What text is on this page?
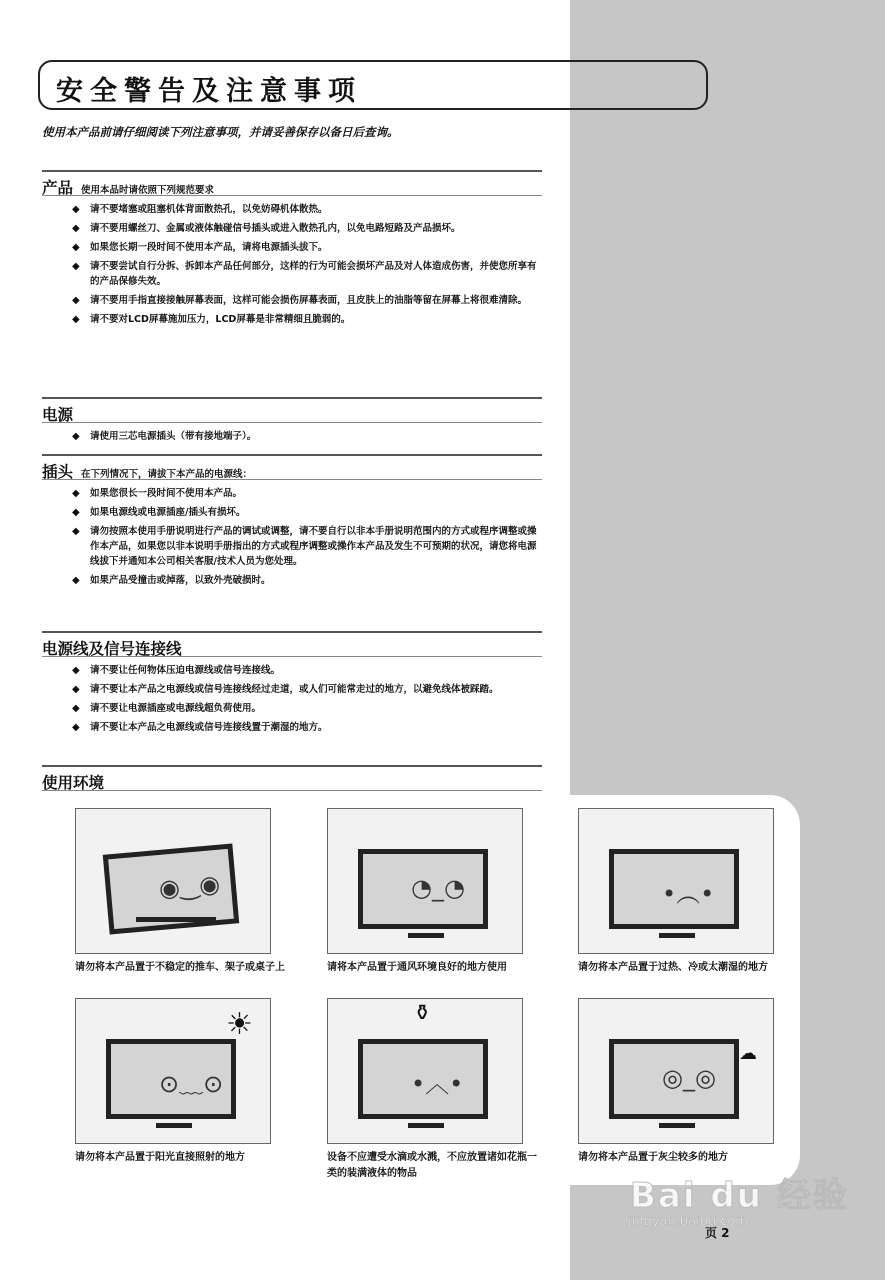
安全警告及注意事项
使用本产品前请仔细阅读下列注意事项，并请妥善保存以备日后查询。
产品 使用本品时请依照下列规范要求
◆ 请不要堵塞或阻塞机体背面散热孔，以免妨碍机体散热。
◆ 请不要用螺丝刀、金属或液体触碰信号插头或进入散热孔内，以免电路短路及产品损坏。
◆ 如果您长期一段时间不使用本产品，请将电源插头拔下。
◆ 请不要尝试自行分拆、拆卸本产品任何部分，这样的行为可能会损坏产品及对人体造成伤害，并使您所享有的产品保修失效。
◆ 请不要用手指直接接触屏幕表面，这样可能会损伤屏幕表面，且皮肤上的油脂等留在屏幕上将很难清除。
◆ 请不要对LCD屏幕施加压力，LCD屏幕是非常精细且脆弱的。
电源
◆ 请使用三芯电源插头（带有接地端子）。
插头 在下列情况下，请拔下本产品的电源线：
◆ 如果您很长一段时间不使用本产品。
◆ 如果电源线或电源插座/插头有损坏。
◆ 请勿按照本使用手册说明进行产品的调试或调整，请不要自行以非本手册说明范围内的方式或程序调整或操作本产品，如果您以非本说明手册指出的方式或程序调整或操作本产品及发生不可预期的状况，请您将电源线拔下并通知本公司相关客服/技术人员为您处理。
◆ 如果产品受撞击或掉落，以致外壳破损时。
电源线及信号连接线
◆ 请不要让任何物体压迫电源线或信号连接线。
◆ 请不要让本产品之电源线或信号连接线经过走道，或人们可能常走过的地方，以避免线体被踩踏。
◆ 请不要让电源插座或电源线超负荷使用。
◆ 请不要让本产品之电源线或信号连接线置于潮湿的地方。
使用环境
◉‿◉
请勿将本产品置于不稳定的推车、架子或桌子上
◔_◔
请将本产品置于通风环境良好的地方使用
•︵•
请勿将本产品置于过热、冷或太潮湿的地方
⊙﹏⊙
☀
请勿将本产品置于阳光直接照射的地方
•︿•
⚱
设备不应遭受水滴或水溅，不应放置诸如花瓶一类的装满液体的物品
◎_◎
☁
请勿将本产品置于灰尘较多的地方
Bai du 经验
jingyan.baidu.com
页 2
